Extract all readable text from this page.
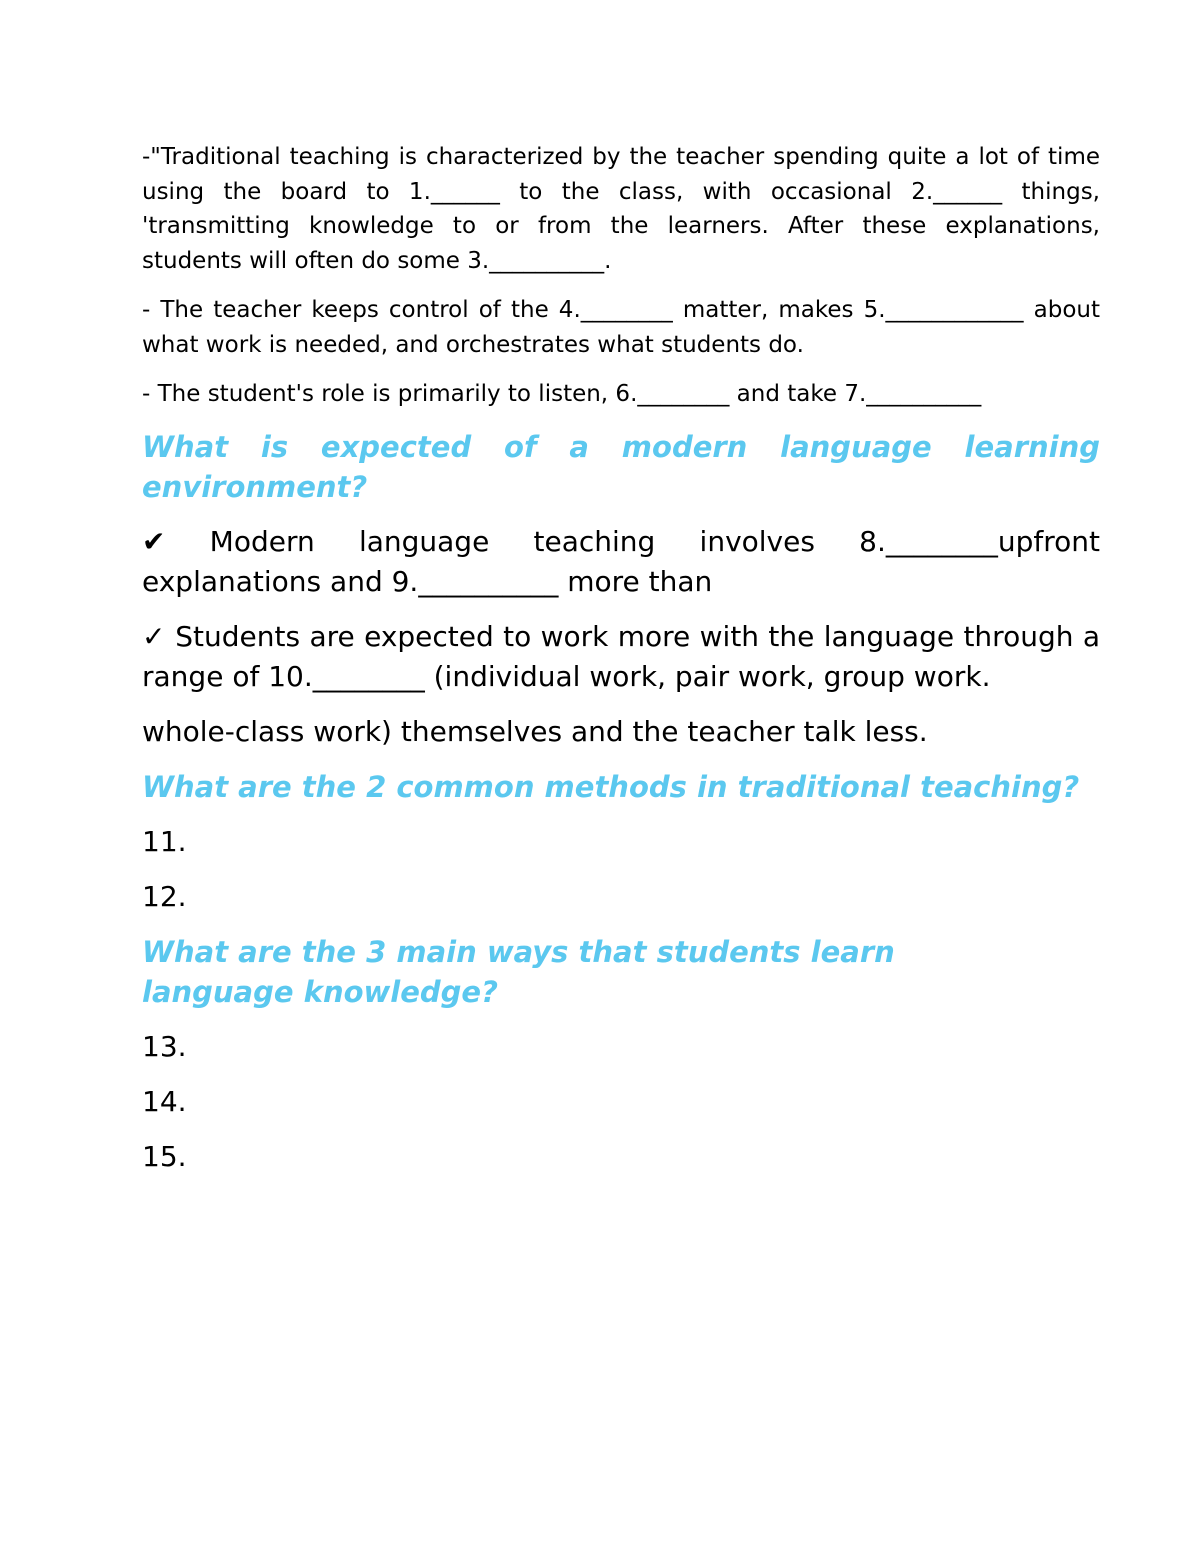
-"Traditional teaching is characterized by the teacher spending quite a lot of time using the board to 1.______ to the class, with occasional 2.______ things, 'transmitting knowledge to or from the learners. After these explanations, students will often do some 3.__________.

- The teacher keeps control of the 4.________ matter, makes 5.____________ about what work is needed, and orchestrates what students do.

- The student's role is primarily to listen, 6.________ and take 7.__________

What is expected of a modern language learning environment?

✔ Modern language teaching involves 8.________upfront explanations and 9.__________ more than

✓ Students are expected to work more with the language through a range of 10.________ (individual work, pair work, group work.

whole-class work) themselves and the teacher talk less.

What are the 2 common methods in traditional teaching?

11.

12.

What are the 3 main ways that students learn language knowledge?

13.

14.

15.
